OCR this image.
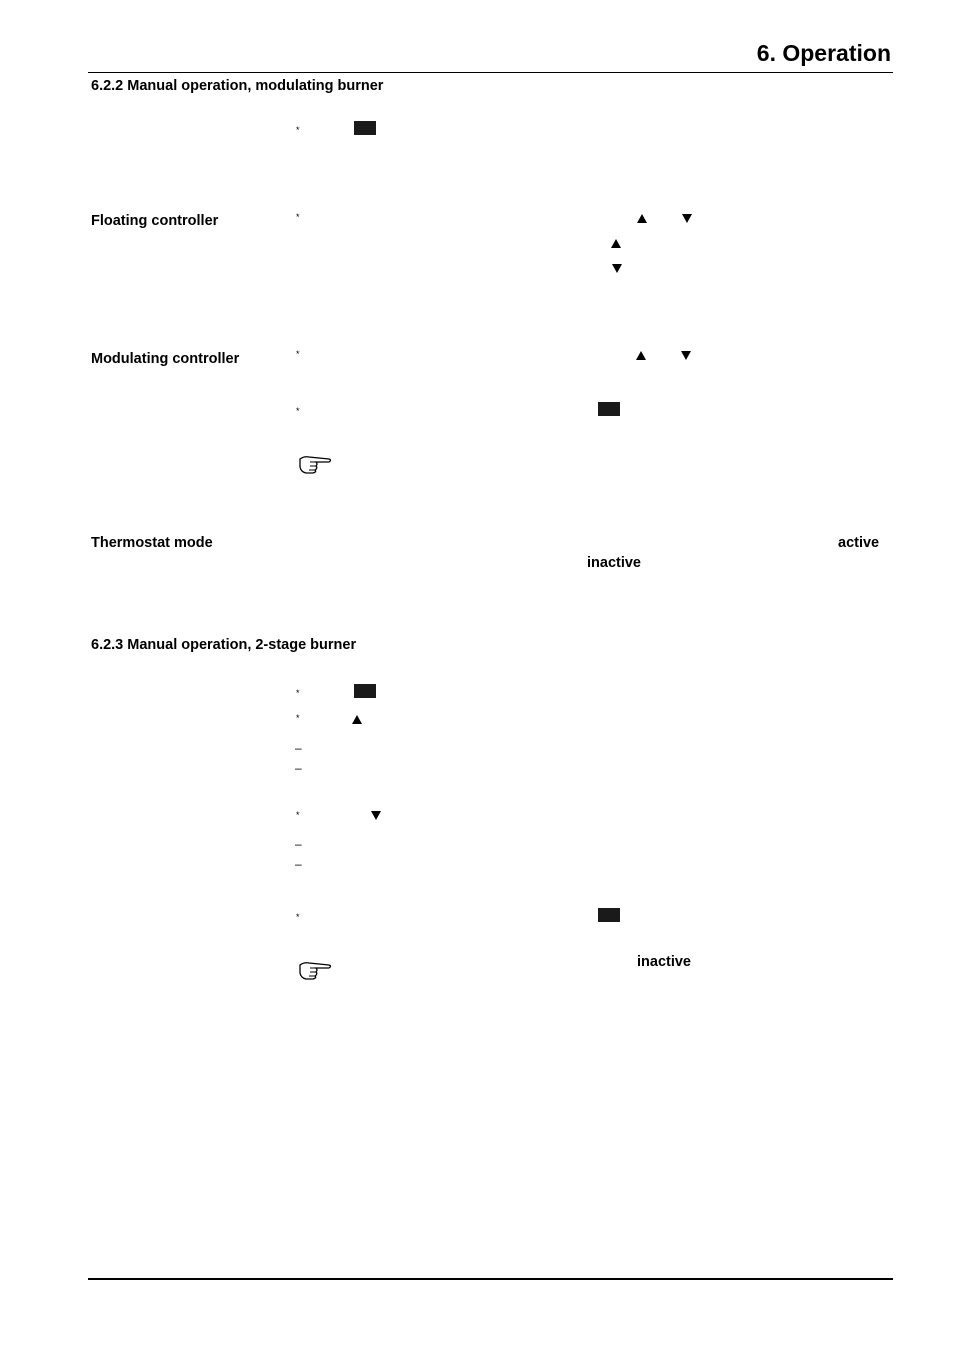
6. Operation
6.2.2 Manual operation, modulating burner
*
Floating controller	*
Modulating controller	*
*
Thermostat mode	active
inactive
6.2.3 Manual operation, 2-stage burner
*
*
–
–
*
–
–
*
inactive
